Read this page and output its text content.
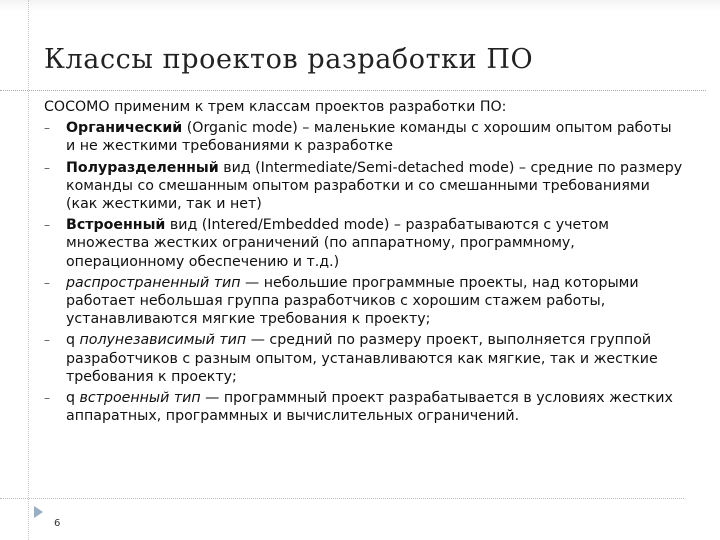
Классы проектов разработки ПО

COCOMO применим к трем классам проектов разработки ПО:

– Органический (Organic mode) – маленькие команды с хорошим опытом работы и не жесткими требованиями к разработке
– Полуразделенный вид (Intermediate/Semi-detached mode) – средние по размеру команды со смешанным опытом разработки и со смешанными требованиями (как жесткими, так и нет)
– Встроенный вид (Intered/Embedded mode) – разрабатываются с учетом множества жестких ограничений (по аппаратному, программному, операционному обеспечению и т.д.)
– распространенный тип — небольшие программные проекты, над которыми работает небольшая группа разработчиков с хорошим стажем работы, устанавливаются мягкие требования к проекту;
– q полунезависимый тип — средний по размеру проект, выполняется группой разработчиков с разным опытом, устанавливаются как мягкие, так и жесткие требования к проекту;
– q встроенный тип — программный проект разрабатывается в условиях жестких аппаратных, программных и вычислительных ограничений.
6
